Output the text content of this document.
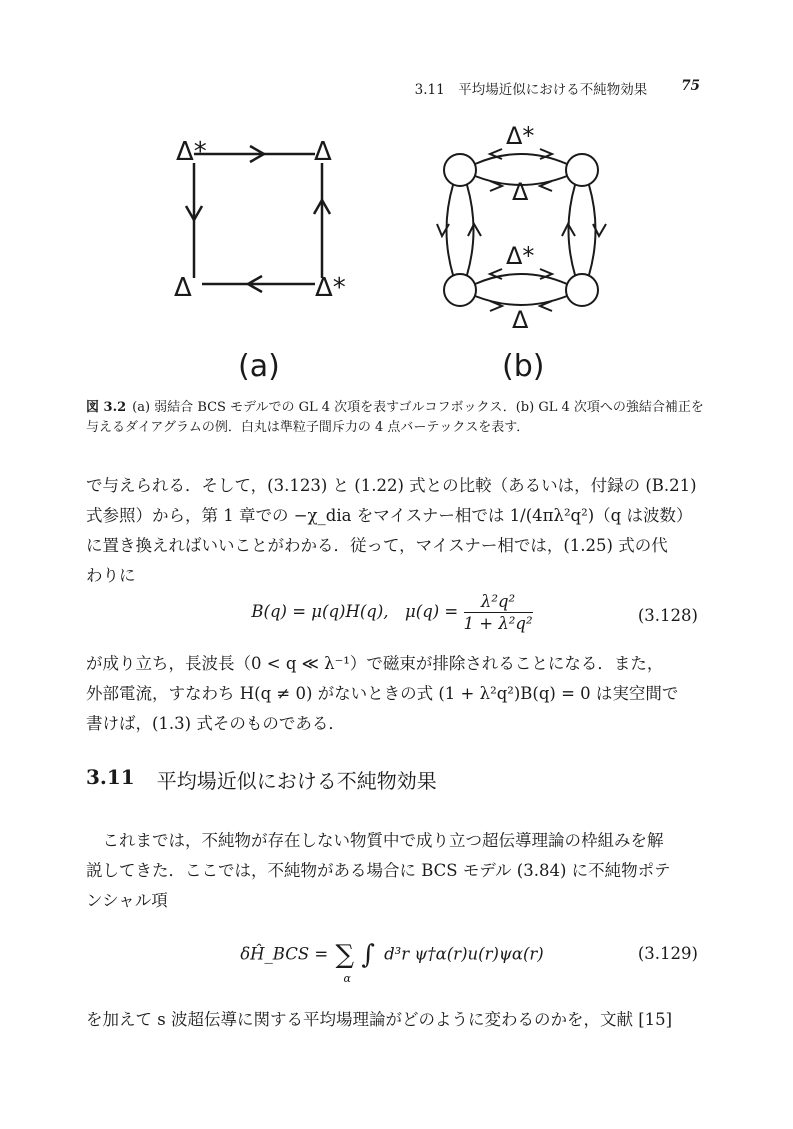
3.11　平均場近似における不純物効果	75
Δ*	Δ
Δ	Δ*
(a)
Δ*
Δ
Δ*
Δ
(b)
図 3.2 (a) 弱結合 BCS モデルでの GL 4 次項を表すゴルコフボックス．(b) GL 4 次項への強結合補正を与えるダイアグラムの例．白丸は準粒子間斥力の 4 点バーテックスを表す．
で与えられる．そして，(3.123) と (1.22) 式との比較（あるいは，付録の (B.21)
式参照）から，第 1 章での −χ_dia をマイスナー相では 1/(4πλ²q²)（q は波数）
に置き換えればいいことがわかる．従って，マイスナー相では，(1.25) 式の代
わりに
B(q) = μ(q)H(q),　$\mu(q) = \frac{\text{λ²q²}}{\text{1 + λ²q²}}$	(3.128)
が成り立ち，長波長（0 < q ≪ λ⁻¹）で磁束が排除されることになる．また，
外部電流，すなわち H(q ≠ 0) がないときの式 (1 + λ²q²)B(q) = 0 は実空間で
書けば，(1.3) 式そのものである．
3.11 平均場近似における不純物効果
　これまでは，不純物が存在しない物質中で成り立つ超伝導理論の枠組みを解
説してきた．ここでは，不純物がある場合に BCS モデル (3.84) に不純物ポテ
ンシャル項
δĤ_BCS = ∑
α
∫ d³r ψ†α(r)u(r)ψα(r)	(3.129)
を加えて s 波超伝導に関する平均場理論がどのように変わるのかを，文献 [15]
